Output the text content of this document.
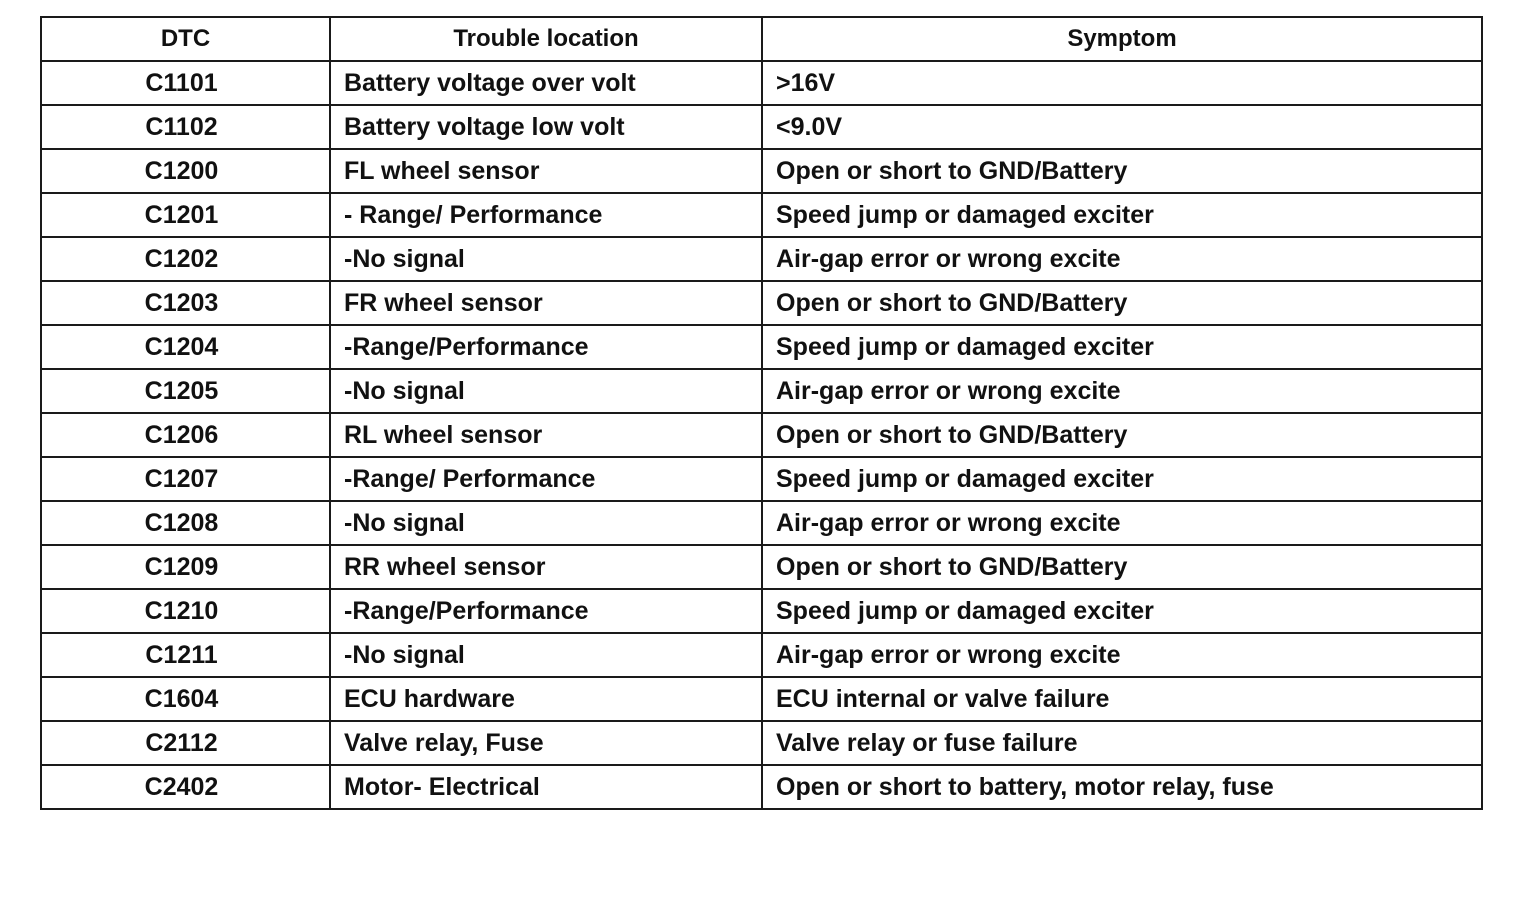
DTC	Trouble location	Symptom
C1101	Battery voltage over volt	>16V
C1102	Battery voltage low volt	<9.0V
C1200	FL wheel sensor	Open or short to GND/Battery
C1201	- Range/ Performance	Speed jump or damaged exciter
C1202	-No signal	Air-gap error or wrong excite
C1203	FR wheel sensor	Open or short to GND/Battery
C1204	-Range/Performance	Speed jump or damaged exciter
C1205	-No signal	Air-gap error or wrong excite
C1206	RL wheel sensor	Open or short to GND/Battery
C1207	-Range/ Performance	Speed jump or damaged exciter
C1208	-No signal	Air-gap error or wrong excite
C1209	RR wheel sensor	Open or short to GND/Battery
C1210	-Range/Performance	Speed jump or damaged exciter
C1211	-No signal	Air-gap error or wrong excite
C1604	ECU hardware	ECU internal or valve failure
C2112	Valve relay, Fuse	Valve relay or fuse failure
C2402	Motor- Electrical	Open or short to battery, motor relay, fuse
